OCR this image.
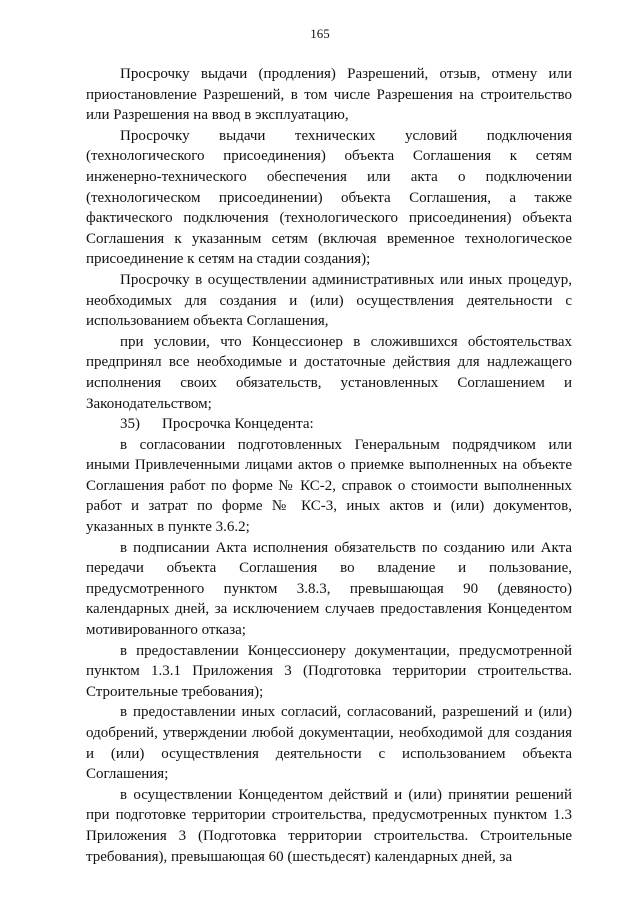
165

Просрочку выдачи (продления) Разрешений, отзыв, отмену или приостановление Разрешений, в том числе Разрешения на строительство или Разрешения на ввод в эксплуатацию,

Просрочку выдачи технических условий подключения (технологического присоединения) объекта Соглашения к сетям инженерно-технического обеспечения или акта о подключении (технологическом присоединении) объекта Соглашения, а также фактического подключения (технологического присоединения) объекта Соглашения к указанным сетям (включая временное технологическое присоединение к сетям на стадии создания);

Просрочку в осуществлении административных или иных процедур, необходимых для создания и (или) осуществления деятельности с использованием объекта Соглашения,

при условии, что Концессионер в сложившихся обстоятельствах предпринял все необходимые и достаточные действия для надлежащего исполнения своих обязательств, установленных Соглашением и Законодательством;

35) Просрочка Концедента:

в согласовании подготовленных Генеральным подрядчиком или иными Привлеченными лицами актов о приемке выполненных на объекте Соглашения работ по форме № КС-2, справок о стоимости выполненных работ и затрат по форме № КС-3, иных актов и (или) документов, указанных в пункте 3.6.2;

в подписании Акта исполнения обязательств по созданию или Акта передачи объекта Соглашения во владение и пользование, предусмотренного пунктом 3.8.3, превышающая 90 (девяносто) календарных дней, за исключением случаев предоставления Концедентом мотивированного отказа;

в предоставлении Концессионеру документации, предусмотренной пунктом 1.3.1 Приложения 3 (Подготовка территории строительства. Строительные требования);

в предоставлении иных согласий, согласований, разрешений и (или) одобрений, утверждении любой документации, необходимой для создания и (или) осуществления деятельности с использованием объекта Соглашения;

в осуществлении Концедентом действий и (или) принятии решений при подготовке территории строительства, предусмотренных пунктом 1.3 Приложения 3 (Подготовка территории строительства. Строительные требования), превышающая 60 (шестьдесят) календарных дней, за
